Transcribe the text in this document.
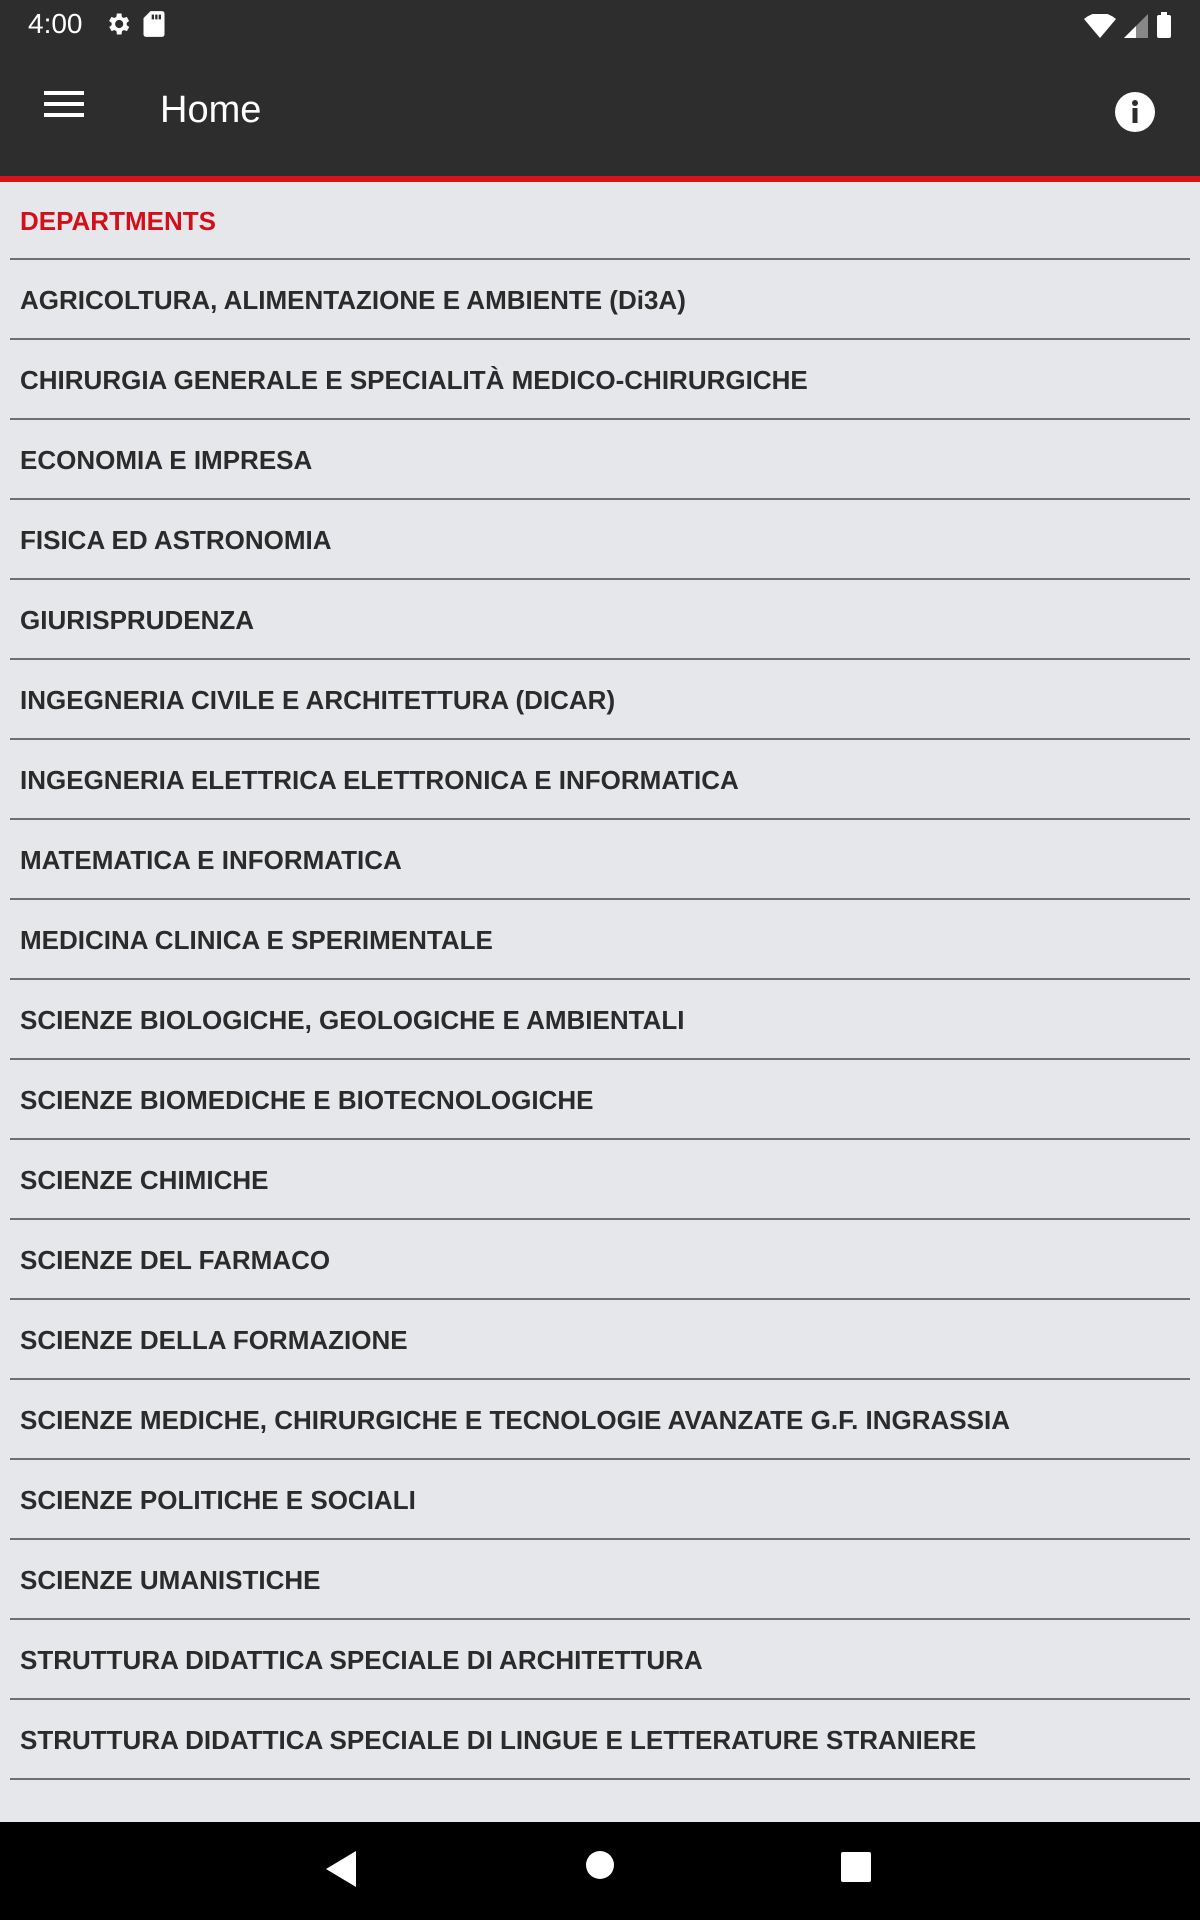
4:00
Home
DEPARTMENTS
AGRICOLTURA, ALIMENTAZIONE E AMBIENTE (Di3A)
CHIRURGIA GENERALE E SPECIALITÀ MEDICO-CHIRURGICHE
ECONOMIA E IMPRESA
FISICA ED ASTRONOMIA
GIURISPRUDENZA
INGEGNERIA CIVILE E ARCHITETTURA (DICAR)
INGEGNERIA ELETTRICA ELETTRONICA E INFORMATICA
MATEMATICA E INFORMATICA
MEDICINA CLINICA E SPERIMENTALE
SCIENZE BIOLOGICHE, GEOLOGICHE E AMBIENTALI
SCIENZE BIOMEDICHE E BIOTECNOLOGICHE
SCIENZE CHIMICHE
SCIENZE DEL FARMACO
SCIENZE DELLA FORMAZIONE
SCIENZE MEDICHE, CHIRURGICHE E TECNOLOGIE AVANZATE G.F. INGRASSIA
SCIENZE POLITICHE E SOCIALI
SCIENZE UMANISTICHE
STRUTTURA DIDATTICA SPECIALE DI ARCHITETTURA
STRUTTURA DIDATTICA SPECIALE DI LINGUE E LETTERATURE STRANIERE
